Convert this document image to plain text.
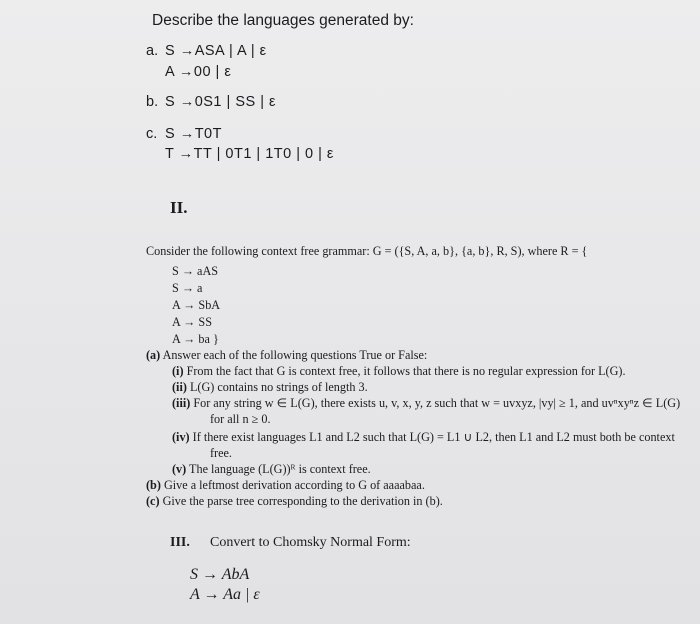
Describe the languages generated by:
a. S →ASA | A | ε
A →00 | ε
b. S →0S1 | SS | ε
c. S →T0T
T →TT | 0T1 | 1T0 | 0 | ε
II.
Consider the following context free grammar: G = ({S, A, a, b}, {a, b}, R, S), where R = {
S → aAS
S → a
A → SbA
A → SS
A → ba }
(a) Answer each of the following questions True or False:
(i) From the fact that G is context free, it follows that there is no regular expression for L(G).
(ii) L(G) contains no strings of length 3.
(iii) For any string w ∈ L(G), there exists u, v, x, y, z such that w = uvxyz, |vy| ≥ 1, and uvⁿxyⁿz ∈ L(G)
for all n ≥ 0.
(iv) If there exist languages L1 and L2 such that L(G) = L1 ∪ L2, then L1 and L2 must both be context
free.
(v) The language (L(G))ᴿ is context free.
(b) Give a leftmost derivation according to G of aaaabaa.
(c) Give the parse tree corresponding to the derivation in (b).
III. Convert to Chomsky Normal Form:
S → AbA
A → Aa | ε
